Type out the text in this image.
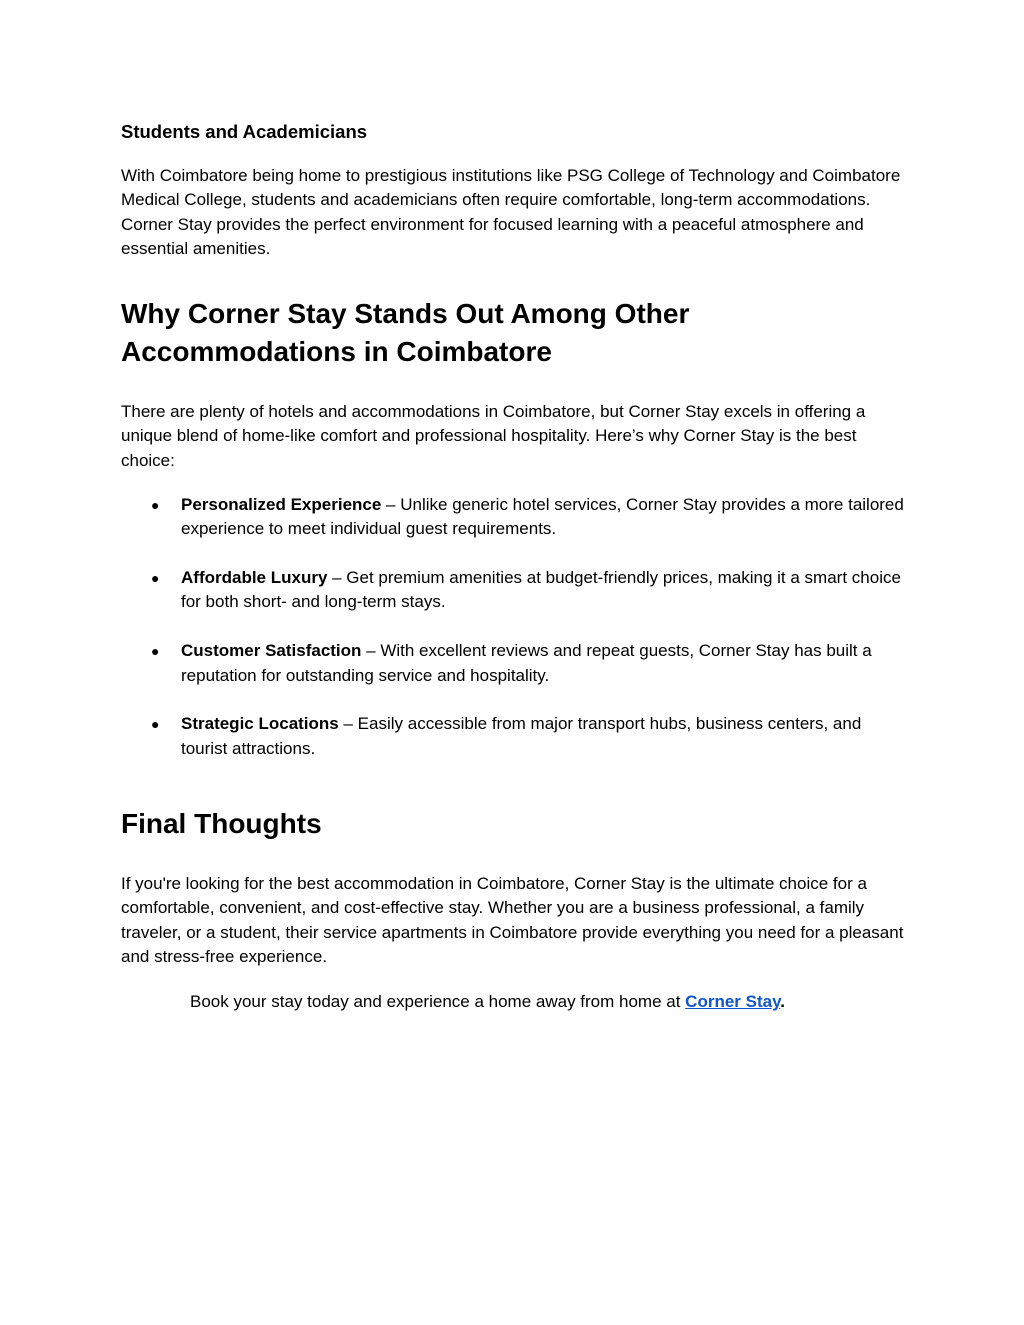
Students and Academicians

With Coimbatore being home to prestigious institutions like PSG College of Technology and Coimbatore Medical College, students and academicians often require comfortable, long-term accommodations. Corner Stay provides the perfect environment for focused learning with a peaceful atmosphere and essential amenities.

Why Corner Stay Stands Out Among Other Accommodations in Coimbatore

There are plenty of hotels and accommodations in Coimbatore, but Corner Stay excels in offering a unique blend of home-like comfort and professional hospitality. Here’s why Corner Stay is the best choice:

● Personalized Experience – Unlike generic hotel services, Corner Stay provides a more tailored experience to meet individual guest requirements.
● Affordable Luxury – Get premium amenities at budget-friendly prices, making it a smart choice for both short- and long-term stays.
● Customer Satisfaction – With excellent reviews and repeat guests, Corner Stay has built a reputation for outstanding service and hospitality.
● Strategic Locations – Easily accessible from major transport hubs, business centers, and tourist attractions.
Final Thoughts

If you're looking for the best accommodation in Coimbatore, Corner Stay is the ultimate choice for a comfortable, convenient, and cost-effective stay. Whether you are a business professional, a family traveler, or a student, their service apartments in Coimbatore provide everything you need for a pleasant and stress-free experience.

Book your stay today and experience a home away from home at Corner Stay.
